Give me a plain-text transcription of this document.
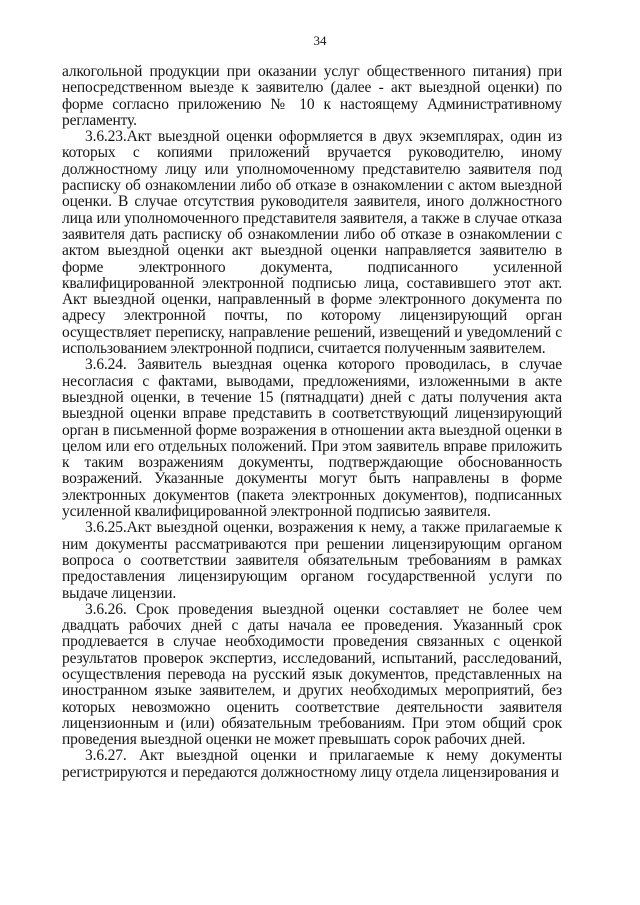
34

алкогольной продукции при оказании услуг общественного питания) при непосредственном выезде к заявителю (далее - акт выездной оценки) по форме согласно приложению № 10 к настоящему Административному регламенту.

3.6.23.Акт выездной оценки оформляется в двух экземплярах, один из которых с копиями приложений вручается руководителю, иному должностному лицу или уполномоченному представителю заявителя под расписку об ознакомлении либо об отказе в ознакомлении с актом выездной оценки. В случае отсутствия руководителя заявителя, иного должностного лица или уполномоченного представителя заявителя, а также в случае отказа заявителя дать расписку об ознакомлении либо об отказе в ознакомлении с актом выездной оценки акт выездной оценки направляется заявителю в форме электронного документа, подписанного усиленной квалифицированной электронной подписью лица, составившего этот акт. Акт выездной оценки, направленный в форме электронного документа по адресу электронной почты, по которому лицензирующий орган осуществляет переписку, направление решений, извещений и уведомлений с использованием электронной подписи, считается полученным заявителем.

3.6.24. Заявитель выездная оценка которого проводилась, в случае несогласия с фактами, выводами, предложениями, изложенными в акте выездной оценки, в течение 15 (пятнадцати) дней с даты получения акта выездной оценки вправе представить в соответствующий лицензирующий орган в письменной форме возражения в отношении акта выездной оценки в целом или его отдельных положений. При этом заявитель вправе приложить к таким возражениям документы, подтверждающие обоснованность возражений. Указанные документы могут быть направлены в форме электронных документов (пакета электронных документов), подписанных усиленной квалифицированной электронной подписью заявителя.

3.6.25.Акт выездной оценки, возражения к нему, а также прилагаемые к ним документы рассматриваются при решении лицензирующим органом вопроса о соответствии заявителя обязательным требованиям в рамках предоставления лицензирующим органом государственной услуги по выдаче лицензии.

3.6.26. Срок проведения выездной оценки составляет не более чем двадцать рабочих дней с даты начала ее проведения. Указанный срок продлевается в случае необходимости проведения связанных с оценкой результатов проверок экспертиз, исследований, испытаний, расследований, осуществления перевода на русский язык документов, представленных на иностранном языке заявителем, и других необходимых мероприятий, без которых невозможно оценить соответствие деятельности заявителя лицензионным и (или) обязательным требованиям. При этом общий срок проведения выездной оценки не может превышать сорок рабочих дней.

3.6.27. Акт выездной оценки и прилагаемые к нему документы регистрируются и передаются должностному лицу отдела лицензирования и
